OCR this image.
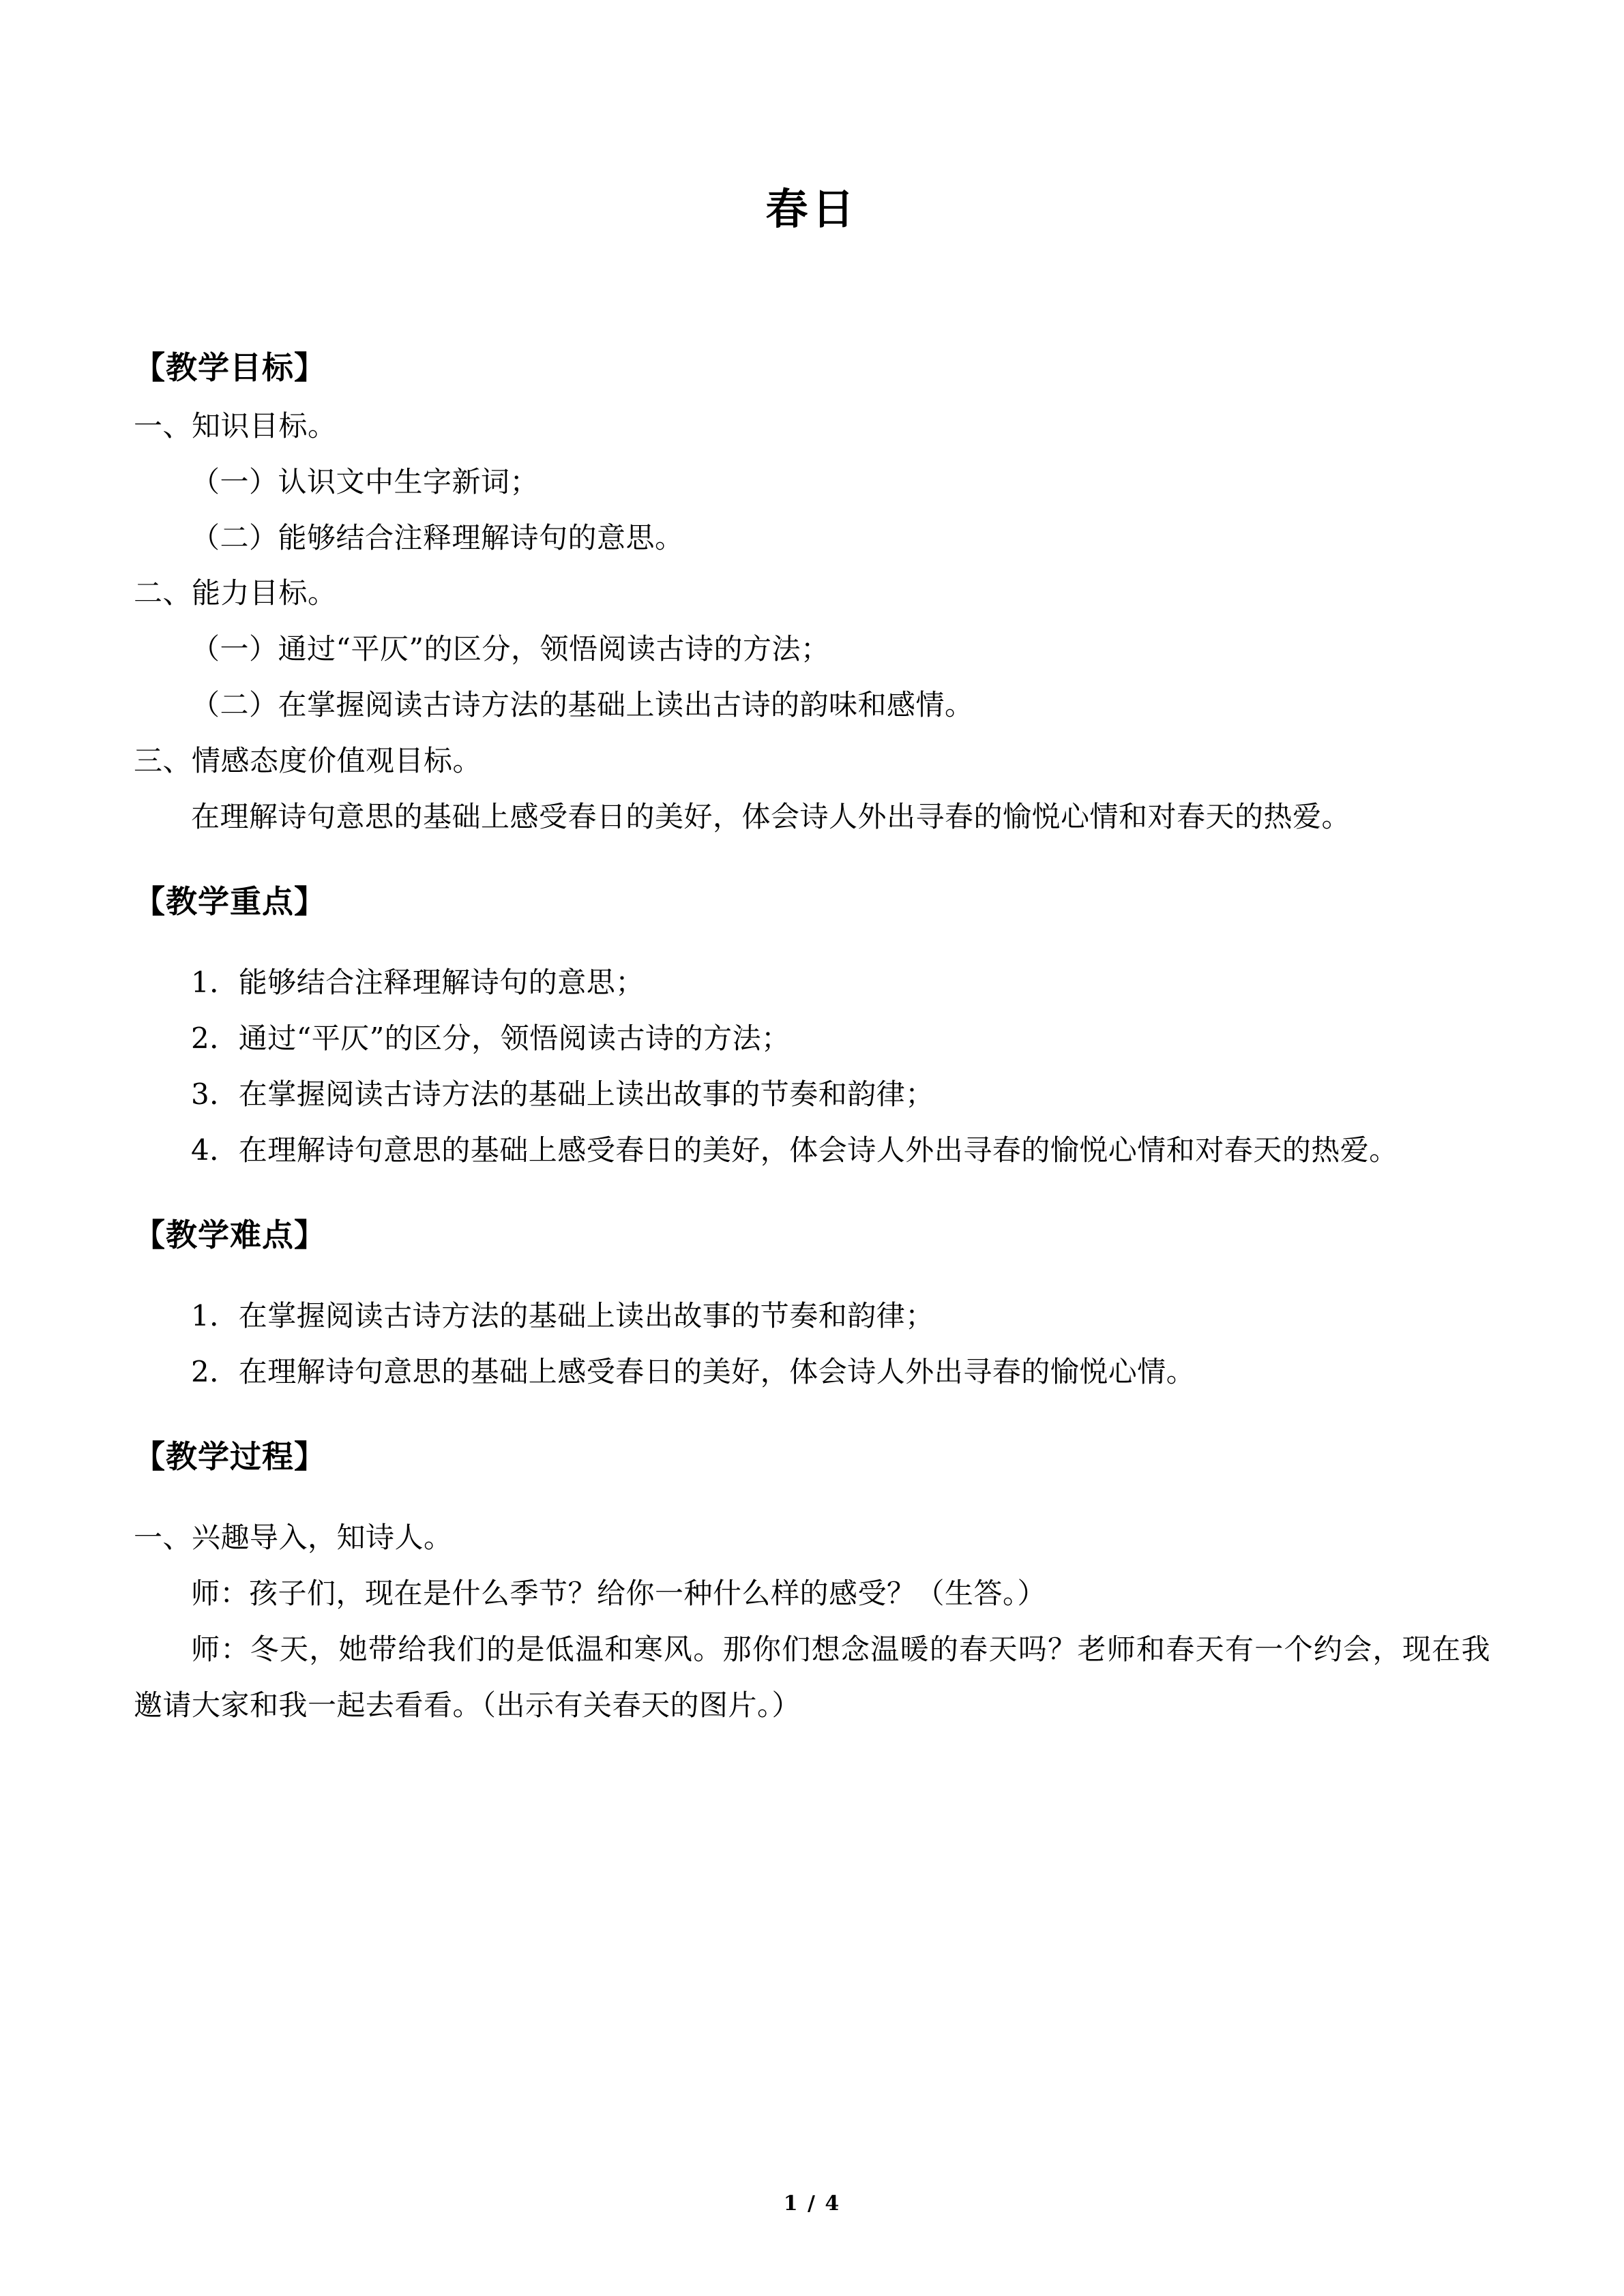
春日
【教学目标】

一、知识目标。

（一）认识文中生字新词；

（二）能够结合注释理解诗句的意思。

二、能力目标。

（一）通过“平仄”的区分，领悟阅读古诗的方法；

（二）在掌握阅读古诗方法的基础上读出古诗的韵味和感情。

三、情感态度价值观目标。

在理解诗句意思的基础上感受春日的美好，体会诗人外出寻春的愉悦心情和对春天的热爱。

【教学重点】

1．能够结合注释理解诗句的意思；

2．通过“平仄”的区分，领悟阅读古诗的方法；

3．在掌握阅读古诗方法的基础上读出故事的节奏和韵律；

4．在理解诗句意思的基础上感受春日的美好，体会诗人外出寻春的愉悦心情和对春天的热爱。

【教学难点】

1．在掌握阅读古诗方法的基础上读出故事的节奏和韵律；

2．在理解诗句意思的基础上感受春日的美好，体会诗人外出寻春的愉悦心情。

【教学过程】

一、兴趣导入，知诗人。

师：孩子们，现在是什么季节？给你一种什么样的感受？（生答。）

师：冬天，她带给我们的是低温和寒风。那你们想念温暖的春天吗？老师和春天有一个约会，现在我邀请大家和我一起去看看。（出示有关春天的图片。）

1 / 4
